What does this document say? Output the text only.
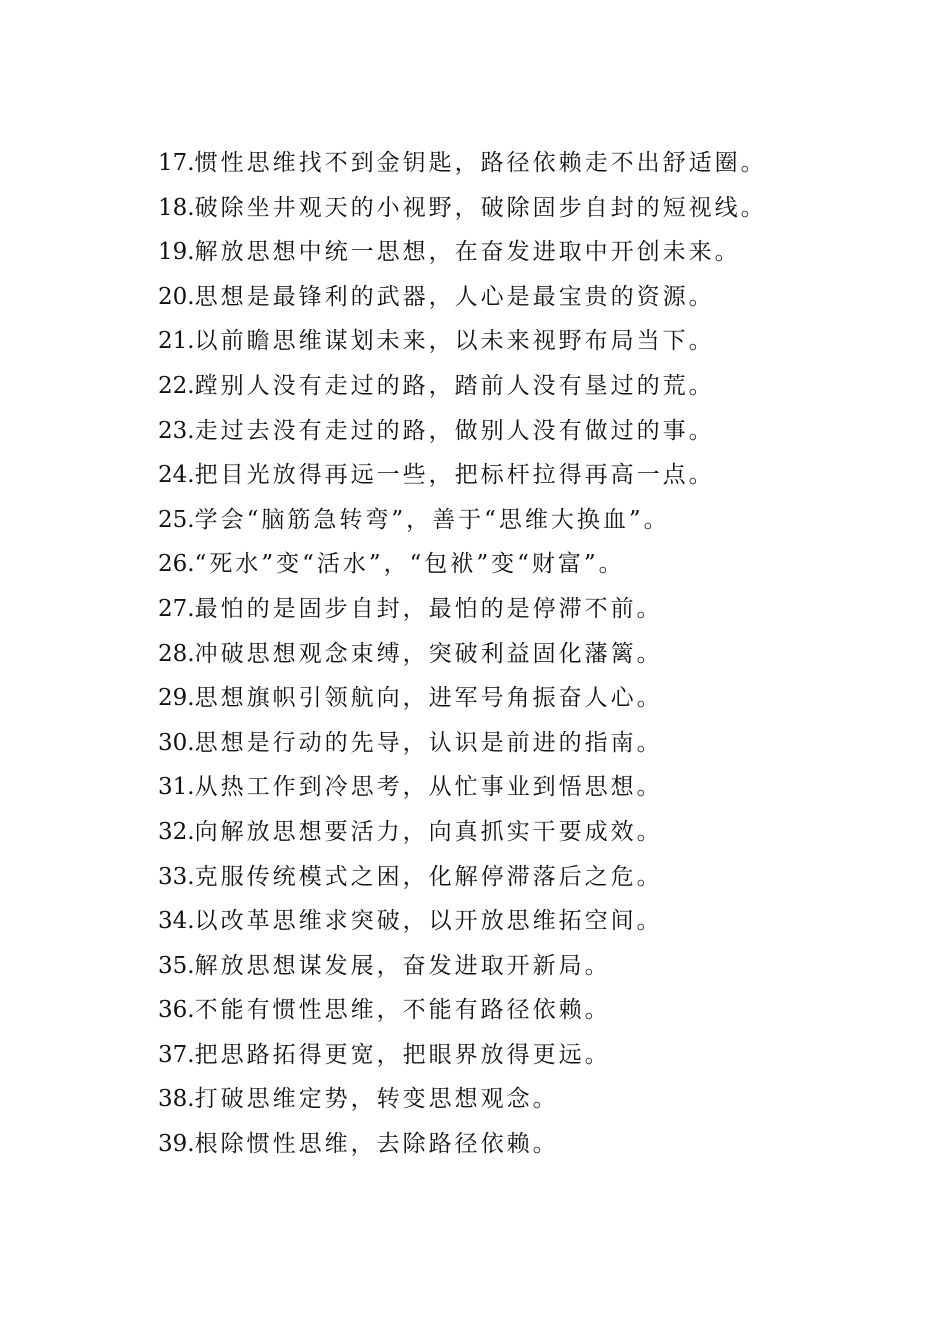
17.惯性思维找不到金钥匙，路径依赖走不出舒适圈。
18.破除坐井观天的小视野，破除固步自封的短视线。
19.解放思想中统一思想，在奋发进取中开创未来。
20.思想是最锋利的武器，人心是最宝贵的资源。
21.以前瞻思维谋划未来，以未来视野布局当下。
22.蹚别人没有走过的路，踏前人没有垦过的荒。
23.走过去没有走过的路，做别人没有做过的事。
24.把目光放得再远一些，把标杆拉得再高一点。
25.学会“脑筋急转弯”，善于“思维大换血”。
26.“死水”变“活水”，“包袱”变“财富”。
27.最怕的是固步自封，最怕的是停滞不前。
28.冲破思想观念束缚，突破利益固化藩篱。
29.思想旗帜引领航向，进军号角振奋人心。
30.思想是行动的先导，认识是前进的指南。
31.从热工作到冷思考，从忙事业到悟思想。
32.向解放思想要活力，向真抓实干要成效。
33.克服传统模式之困，化解停滞落后之危。
34.以改革思维求突破，以开放思维拓空间。
35.解放思想谋发展，奋发进取开新局。
36.不能有惯性思维，不能有路径依赖。
37.把思路拓得更宽，把眼界放得更远。
38.打破思维定势，转变思想观念。
39.根除惯性思维，去除路径依赖。
